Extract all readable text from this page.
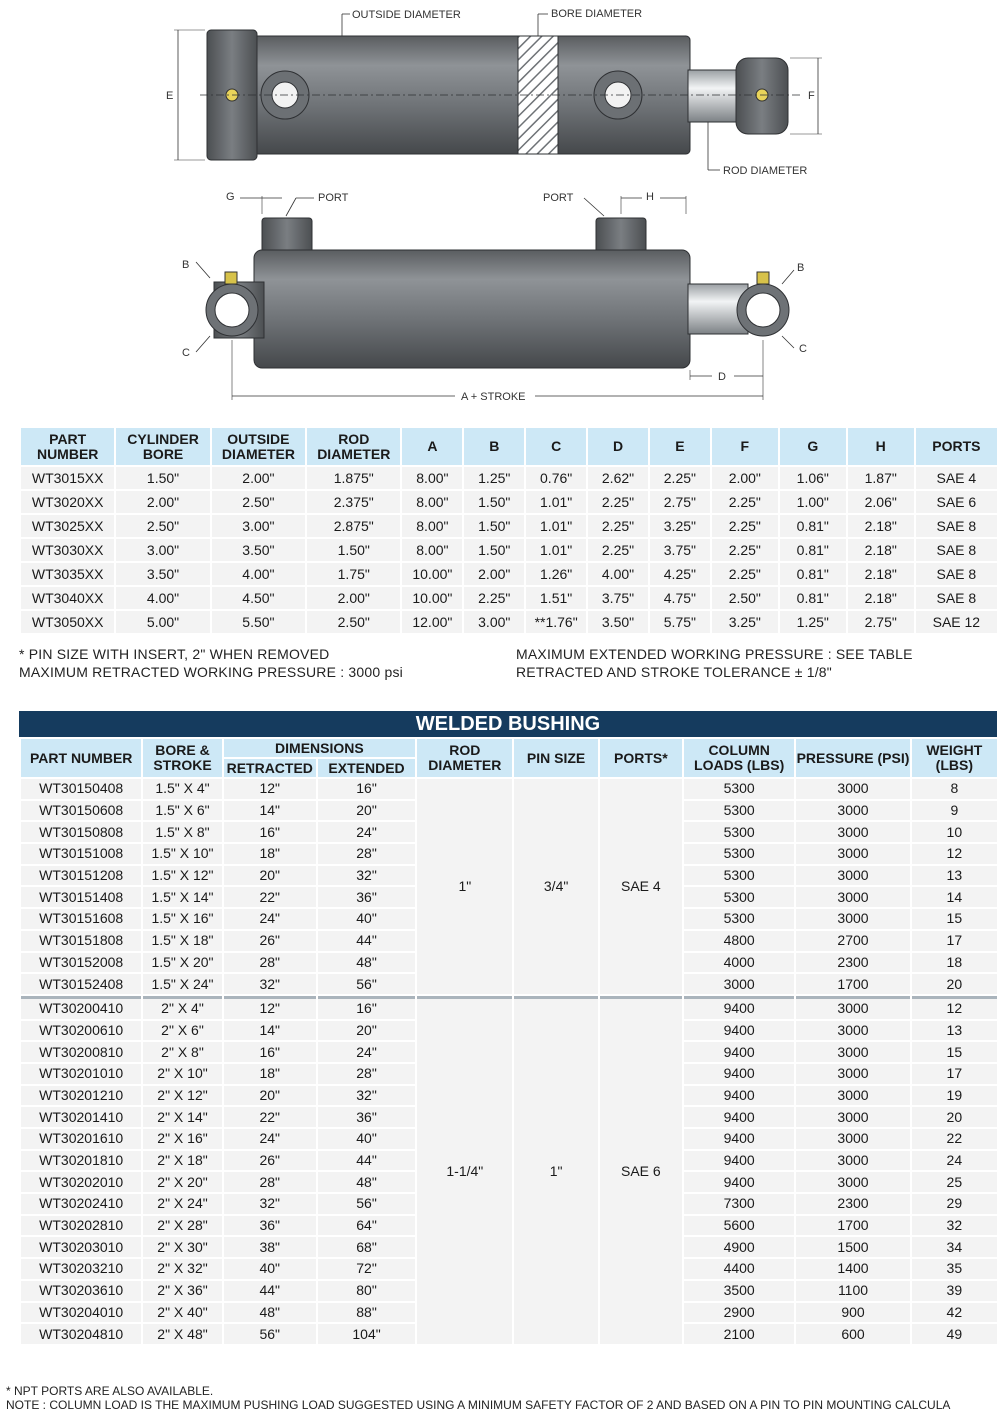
OUTSIDE DIAMETER	BORE DIAMETER
ROD DIAMETER
E	F
G	H
PORT	PORT
B
C
B
C
D
A + STROKE
PART NUMBER	CYLINDER BORE	OUTSIDE DIAMETER	ROD DIAMETER	A	B	C	D	E	F	G	H	PORTS
WT3015XX	1.50"	2.00"	1.875"	8.00"	1.25"	0.76"	2.62"	2.25"	2.00"	1.06"	1.87"	SAE 4
WT3020XX	2.00"	2.50"	2.375"	8.00"	1.50"	1.01"	2.25"	2.75"	2.25"	1.00"	2.06"	SAE 6
WT3025XX	2.50"	3.00"	2.875"	8.00"	1.50"	1.01"	2.25"	3.25"	2.25"	0.81"	2.18"	SAE 8
WT3030XX	3.00"	3.50"	1.50"	8.00"	1.50"	1.01"	2.25"	3.75"	2.25"	0.81"	2.18"	SAE 8
WT3035XX	3.50"	4.00"	1.75"	10.00"	2.00"	1.26"	4.00"	4.25"	2.25"	0.81"	2.18"	SAE 8
WT3040XX	4.00"	4.50"	2.00"	10.00"	2.25"	1.51"	3.75"	4.75"	2.50"	0.81"	2.18"	SAE 8
WT3050XX	5.00"	5.50"	2.50"	12.00"	3.00"	**1.76"	3.50"	5.75"	3.25"	1.25"	2.75"	SAE 12
* PIN SIZE WITH INSERT, 2" WHEN REMOVED
MAXIMUM RETRACTED WORKING PRESSURE : 3000 psi
MAXIMUM EXTENDED WORKING PRESSURE : SEE TABLE
RETRACTED AND STROKE TOLERANCE ± 1/8"
WELDED BUSHING
PART NUMBER	BORE & STROKE	DIMENSIONS		ROD DIAMETER	PIN SIZE	PORTS*	COLUMN LOADS (LBS)	PRESSURE (PSI)	WEIGHT (LBS)
		RETRACTED	EXTENDED						
WT30150408	1.5" X 4"	12"	16"	1"	3/4"	SAE 4	5300	3000	8
WT30150608	1.5" X 6"	14"	20"				5300	3000	9
WT30150808	1.5" X 8"	16"	24"				5300	3000	10
WT30151008	1.5" X 10"	18"	28"				5300	3000	12
WT30151208	1.5" X 12"	20"	32"				5300	3000	13
WT30151408	1.5" X 14"	22"	36"				5300	3000	14
WT30151608	1.5" X 16"	24"	40"				5300	3000	15
WT30151808	1.5" X 18"	26"	44"				4800	2700	17
WT30152008	1.5" X 20"	28"	48"				4000	2300	18
WT30152408	1.5" X 24"	32"	56"				3000	1700	20
WT30200410	2" X 4"	12"	16"	1-1/4"	1"	SAE 6	9400	3000	12
WT30200610	2" X 6"	14"	20"				9400	3000	13
WT30200810	2" X 8"	16"	24"				9400	3000	15
WT30201010	2" X 10"	18"	28"				9400	3000	17
WT30201210	2" X 12"	20"	32"				9400	3000	19
WT30201410	2" X 14"	22"	36"				9400	3000	20
WT30201610	2" X 16"	24"	40"				9400	3000	22
WT30201810	2" X 18"	26"	44"				9400	3000	24
WT30202010	2" X 20"	28"	48"				9400	3000	25
WT30202410	2" X 24"	32"	56"				7300	2300	29
WT30202810	2" X 28"	36"	64"				5600	1700	32
WT30203010	2" X 30"	38"	68"				4900	1500	34
WT30203210	2" X 32"	40"	72"				4400	1400	35
WT30203610	2" X 36"	44"	80"				3500	1100	39
WT30204010	2" X 40"	48"	88"				2900	900	42
WT30204810	2" X 48"	56"	104"				2100	600	49
* NPT PORTS ARE ALSO AVAILABLE.
NOTE : COLUMN LOAD IS THE MAXIMUM PUSHING LOAD SUGGESTED USING A MINIMUM SAFETY FACTOR OF 2 AND BASED ON A PIN TO PIN MOUNTING CALCULA
